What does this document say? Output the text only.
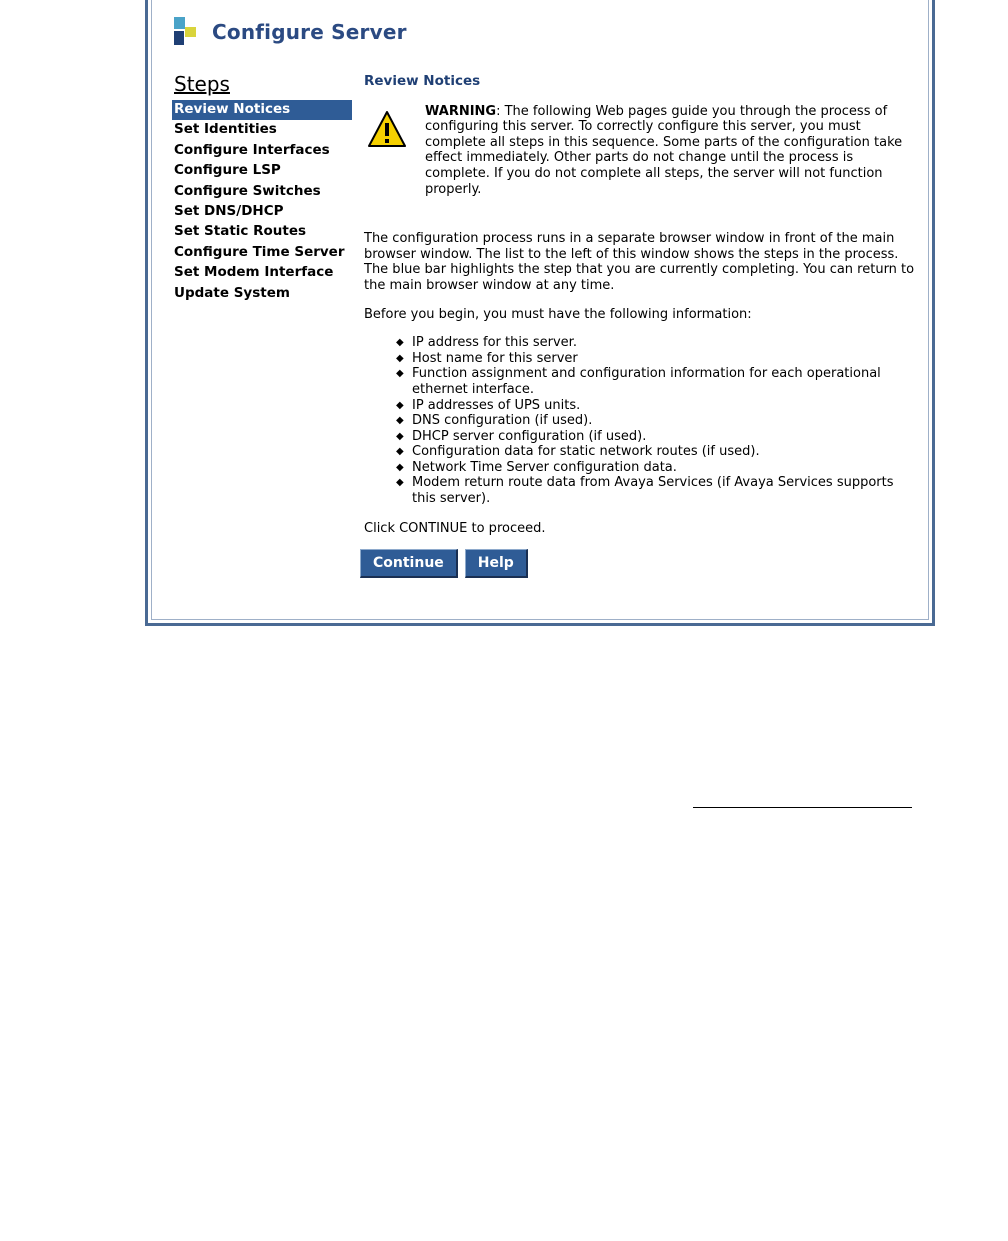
Configure Server
Steps
Review Notices
Set Identities
Configure Interfaces
Configure LSP
Configure Switches
Set DNS/DHCP
Set Static Routes
Configure Time Server
Set Modem Interface
Update System
Review Notices
WARNING: The following Web pages guide you through the process of configuring this server. To correctly configure this server, you must complete all steps in this sequence. Some parts of the configuration take effect immediately. Other parts do not change until the process is complete. If you do not complete all steps, the server will not function properly.

The configuration process runs in a separate browser window in front of the main browser window. The list to the left of this window shows the steps in the process. The blue bar highlights the step that you are currently completing. You can return to the main browser window at any time.

Before you begin, you must have the following information:

◆ IP address for this server.
◆ Host name for this server
◆ Function assignment and configuration information for each operational ethernet interface.
◆ IP addresses of UPS units.
◆ DNS configuration (if used).
◆ DHCP server configuration (if used).
◆ Configuration data for static network routes (if used).
◆ Network Time Server configuration data.
◆ Modem return route data from Avaya Services (if Avaya Services supports this server).

Click CONTINUE to proceed.

Continue	Help
